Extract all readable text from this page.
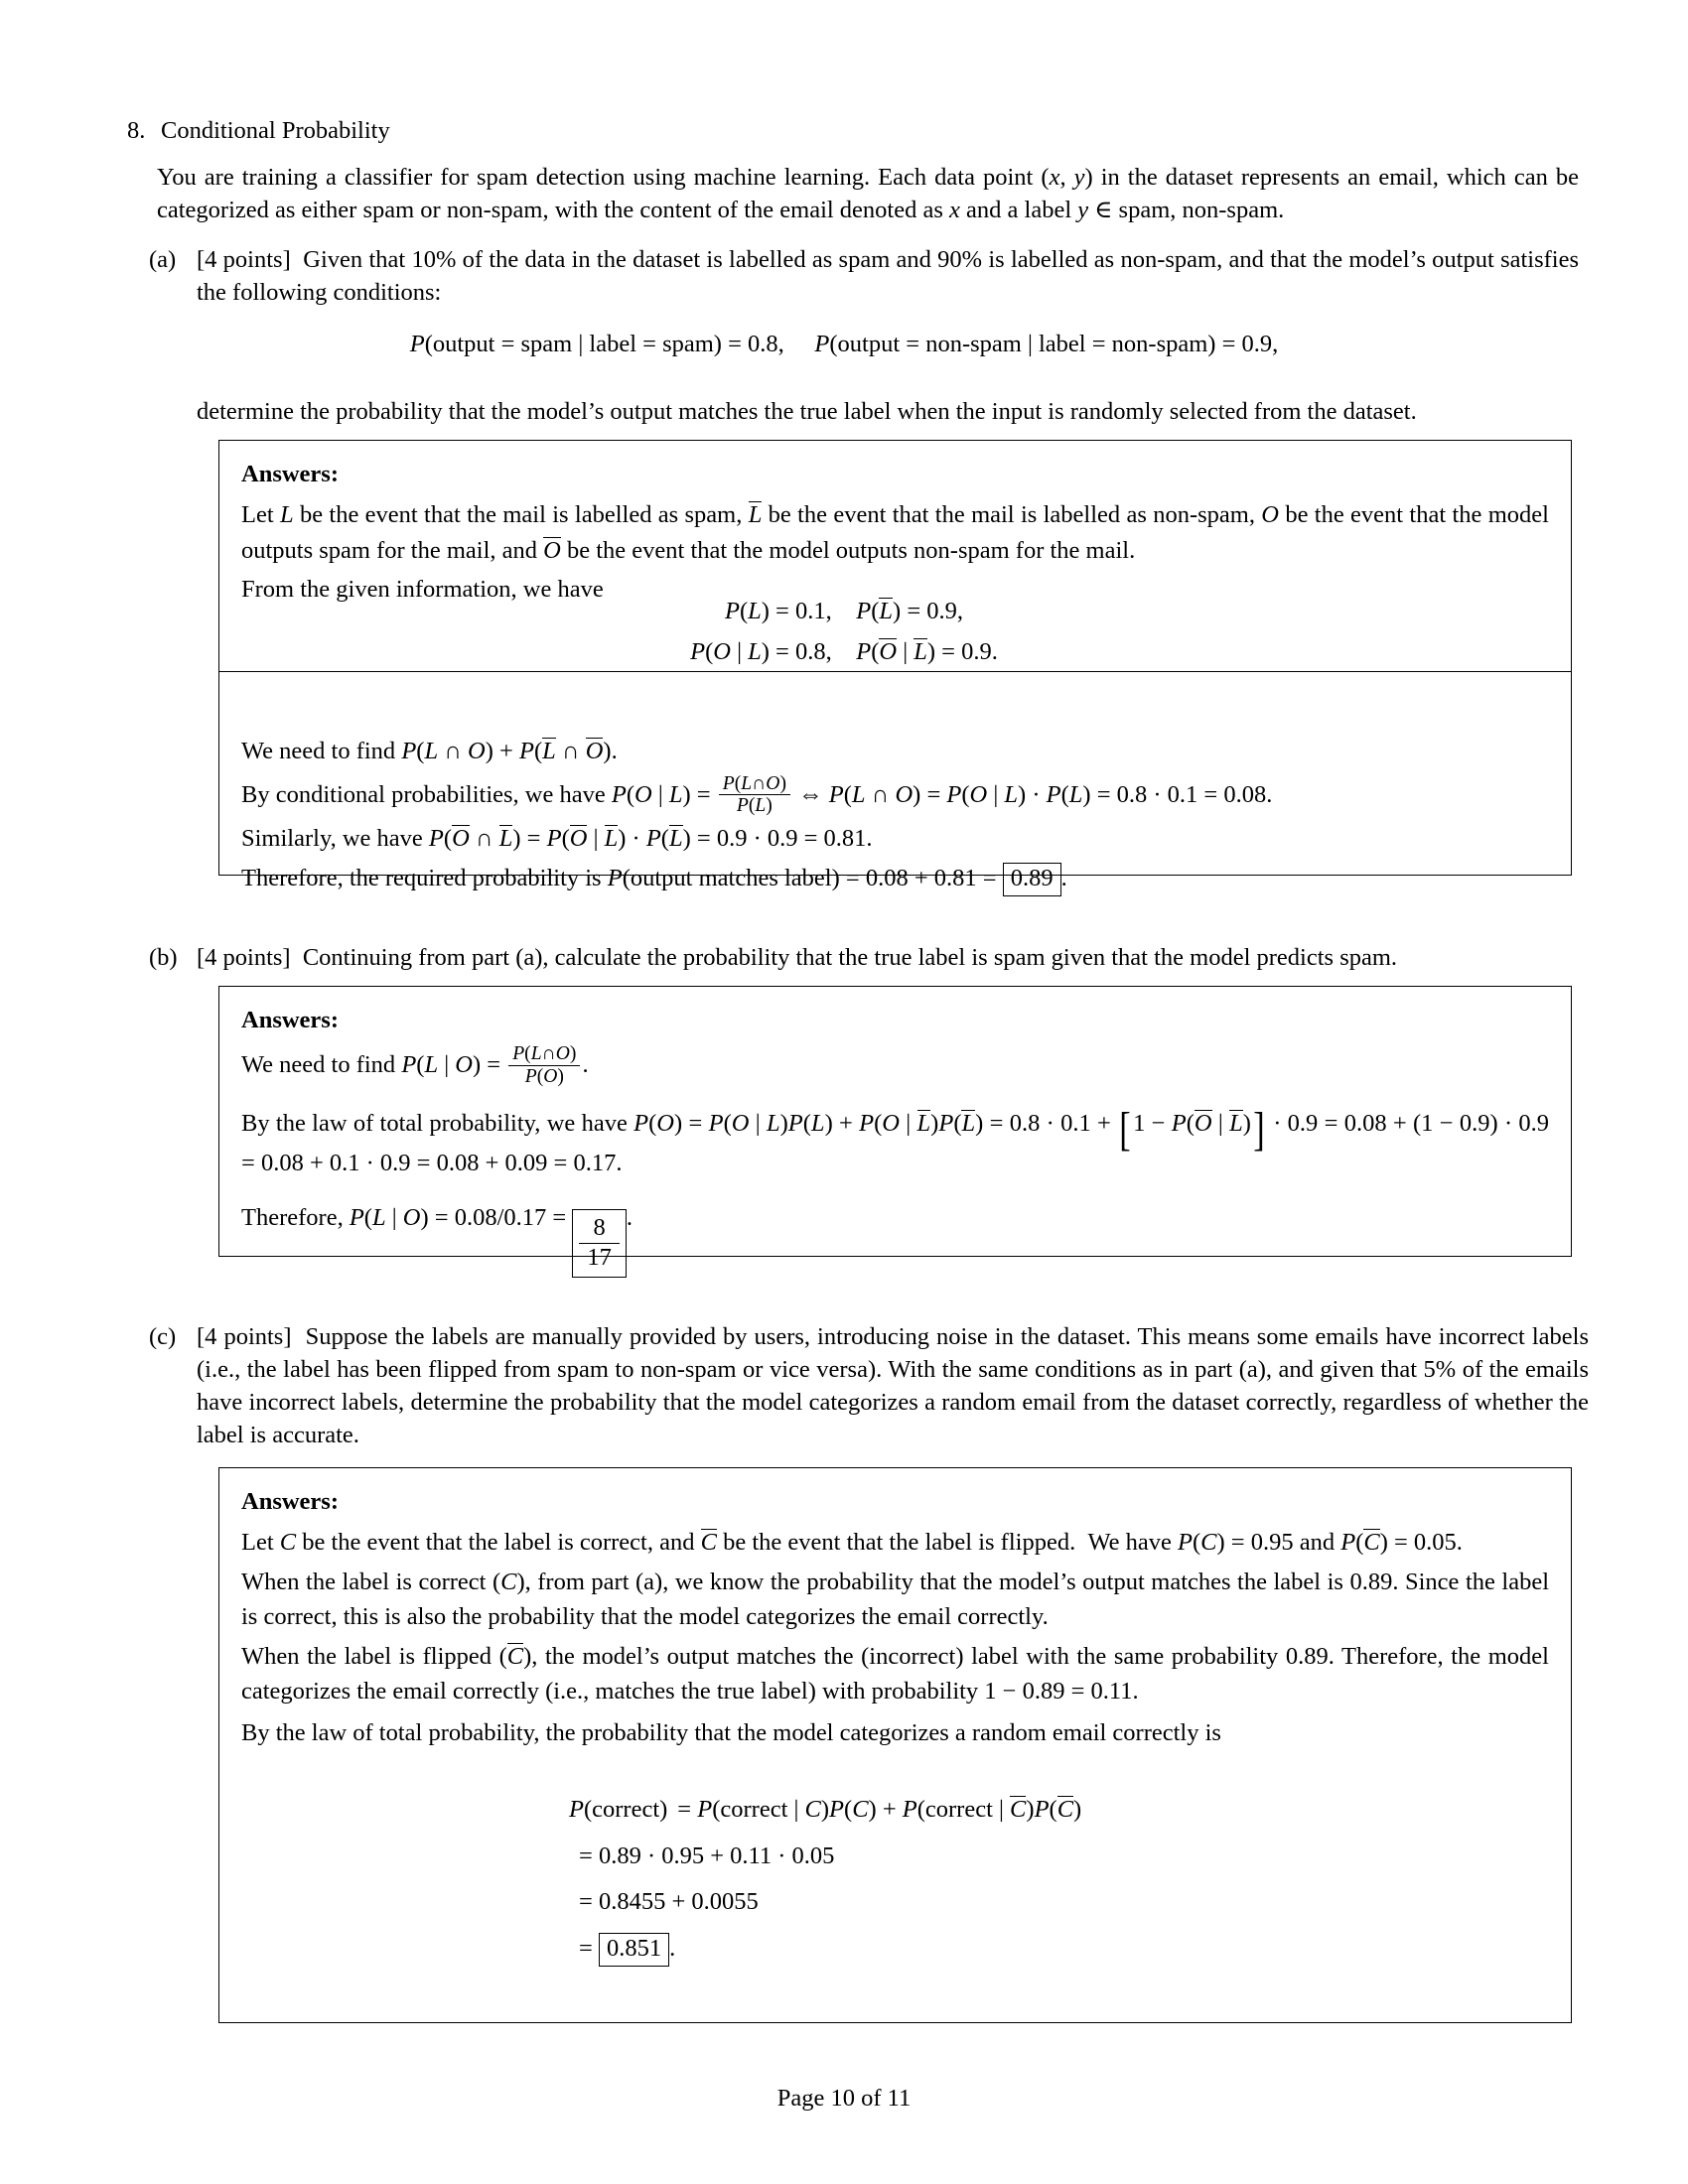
8. Conditional Probability
You are training a classifier for spam detection using machine learning. Each data point (x, y) in the dataset represents an email, which can be categorized as either spam or non-spam, with the content of the email denoted as x and a label y ∈ spam, non-spam.
(a) [4 points] Given that 10% of the data in the dataset is labelled as spam and 90% is labelled as non-spam, and that the model’s output satisfies the following conditions:
P(output = spam | label = spam) = 0.8,     P(output = non-spam | label = non-spam) = 0.9,
determine the probability that the model’s output matches the true label when the input is randomly selected from the dataset.
Answers:
Let L be the event that the mail is labelled as spam, L be the event that the mail is labelled as non-spam, O be the event that the model outputs spam for the mail, and O be the event that the model outputs non-spam for the mail.
From the given information, we have
P(L) = 0.1,    P(L) = 0.9,
P(O | L) = 0.8,    P(O | L) = 0.9.
We need to find P(L ∩ O) + P(L ∩ O).
By conditional probabilities, we have P(O | $L) = \frac{P(L\cap O)}{P(L)}$ ⇔ P(L ∩ O) = P(O | L) · P(L) = 0.8 · 0.1 = 0.08.
Similarly, we have P(O ∩ L) = P(O | L) · P(L) = 0.9 · 0.9 = 0.81.
Therefore, the required probability is P(output matches label) = 0.08 + 0.81 = 0.89 .
(b) [4 points] Continuing from part (a), calculate the probability that the true label is spam given that the model predicts spam.
Answers:
We need to find P(L | $O) = \frac{P(L\cap O)}{P(O)}$ .
By the law of total probability, we have P(O) = P(O | L)P(L) + P(O | L)P(L) = 0.8 · 0.1 + [1 − P(O | L)] · 0.9 = 0.08 + (1 − 0.9) · 0.9 = 0.08 + 0.1 · 0.9 = 0.08 + 0.09 = 0.17.
Therefore, P(L | $O) = 0.08/0.17 = \frac{8}{17}$ .
(c) [4 points] Suppose the labels are manually provided by users, introducing noise in the dataset. This means some emails have incorrect labels (i.e., the label has been flipped from spam to non-spam or vice versa). With the same conditions as in part (a), and given that 5% of the emails have incorrect labels, determine the probability that the model categorizes a random email from the dataset correctly, regardless of whether the label is accurate.
Answers:
Let C be the event that the label is correct, and C be the event that the label is flipped.  We have P(C) = 0.95 and P(C) = 0.05.
When the label is correct (C), from part (a), we know the probability that the model’s output matches the label is 0.89. Since the label is correct, this is also the probability that the model categorizes the email correctly.
When the label is flipped (C), the model’s output matches the (incorrect) label with the same probability 0.89. Therefore, the model categorizes the email correctly (i.e., matches the true label) with probability 1 − 0.89 = 0.11.
By the law of total probability, the probability that the model categorizes a random email correctly is
P(correct) = P(correct | C)P(C) + P(correct | C)P(C)
= 0.89 · 0.95 + 0.11 · 0.05
= 0.8455 + 0.0055
= 0.851 .
Page 10 of 11
